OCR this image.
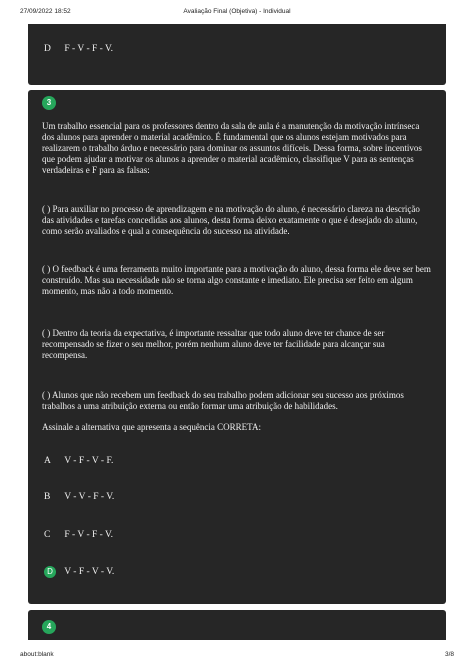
27/09/2022 18:52	Avaliação Final (Objetiva) - Individual
D F - V - F - V.
3
Um trabalho essencial para os professores dentro da sala de aula é a manutenção da motivação intrínseca dos alunos para aprender o material acadêmico. É fundamental que os alunos estejam motivados para realizarem o trabalho árduo e necessário para dominar os assuntos difíceis. Dessa forma, sobre incentivos que podem ajudar a motivar os alunos a aprender o material acadêmico, classifique V para as sentenças verdadeiras e F para as falsas:
( ) Para auxiliar no processo de aprendizagem e na motivação do aluno, é necessário clareza na descrição das atividades e tarefas concedidas aos alunos, desta forma deixo exatamente o que é desejado do aluno, como serão avaliados e qual a consequência do sucesso na atividade.
( ) O feedback é uma ferramenta muito importante para a motivação do aluno, dessa forma ele deve ser bem construído. Mas sua necessidade não se torna algo constante e imediato. Ele precisa ser feito em algum momento, mas não a todo momento.
( ) Dentro da teoria da expectativa, é importante ressaltar que todo aluno deve ter chance de ser recompensado se fizer o seu melhor, porém nenhum aluno deve ter facilidade para alcançar sua recompensa.
( ) Alunos que não recebem um feedback do seu trabalho podem adicionar seu sucesso aos próximos trabalhos a uma atribuição externa ou então formar uma atribuição de habilidades.
Assinale a alternativa que apresenta a sequência CORRETA:
A V - F - V - F.
B V - V - F - V.
C F - V - F - V.
D V - F - V - V.
4
about:blank	3/8
